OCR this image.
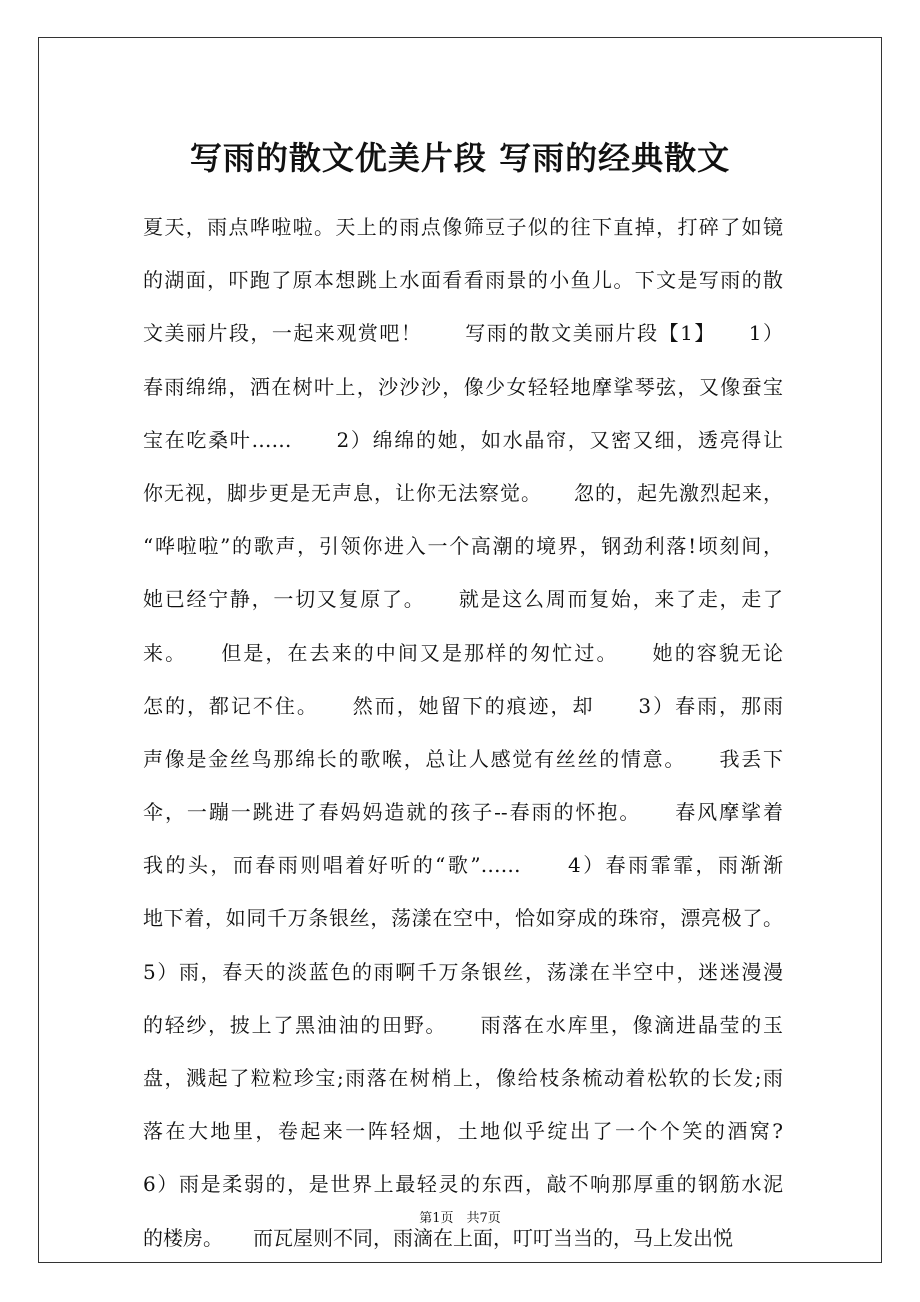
写雨的散文优美片段 写雨的经典散文
夏天，雨点哗啦啦。天上的雨点像筛豆子似的往下直掉，打碎了如镜
的湖面，吓跑了原本想跳上水面看看雨景的小鱼儿。下文是写雨的散
文美丽片段，一起来观赏吧！　　写雨的散文美丽片段【1】　　1）
春雨绵绵，洒在树叶上，沙沙沙，像少女轻轻地摩挲琴弦，又像蚕宝
宝在吃桑叶……　　2）绵绵的她，如水晶帘，又密又细，透亮得让
你无视，脚步更是无声息，让你无法察觉。　　忽的，起先激烈起来，
“哗啦啦”的歌声，引领你进入一个高潮的境界，钢劲利落!顷刻间，
她已经宁静，一切又复原了。　　就是这么周而复始，来了走，走了
来。　　但是，在去来的中间又是那样的匆忙过。　　她的容貌无论
怎的，都记不住。　　然而，她留下的痕迹，却　　3）春雨，那雨
声像是金丝鸟那绵长的歌喉，总让人感觉有丝丝的情意。　　我丢下
伞，一蹦一跳进了春妈妈造就的孩子--春雨的怀抱。　　春风摩挲着
我的头，而春雨则唱着好听的“歌”……　　4）春雨霏霏，雨渐渐
地下着，如同千万条银丝，荡漾在空中，恰如穿成的珠帘，漂亮极了。
5）雨，春天的淡蓝色的雨啊千万条银丝，荡漾在半空中，迷迷漫漫
的轻纱，披上了黑油油的田野。　　雨落在水库里，像滴进晶莹的玉
盘，溅起了粒粒珍宝;雨落在树梢上，像给枝条梳动着松软的长发;雨
落在大地里，卷起来一阵轻烟，土地似乎绽出了一个个笑的酒窝?
6）雨是柔弱的，是世界上最轻灵的东西，敲不响那厚重的钢筋水泥
的楼房。　　而瓦屋则不同，雨滴在上面，叮叮当当的，马上发出悦
第1页　共7页
